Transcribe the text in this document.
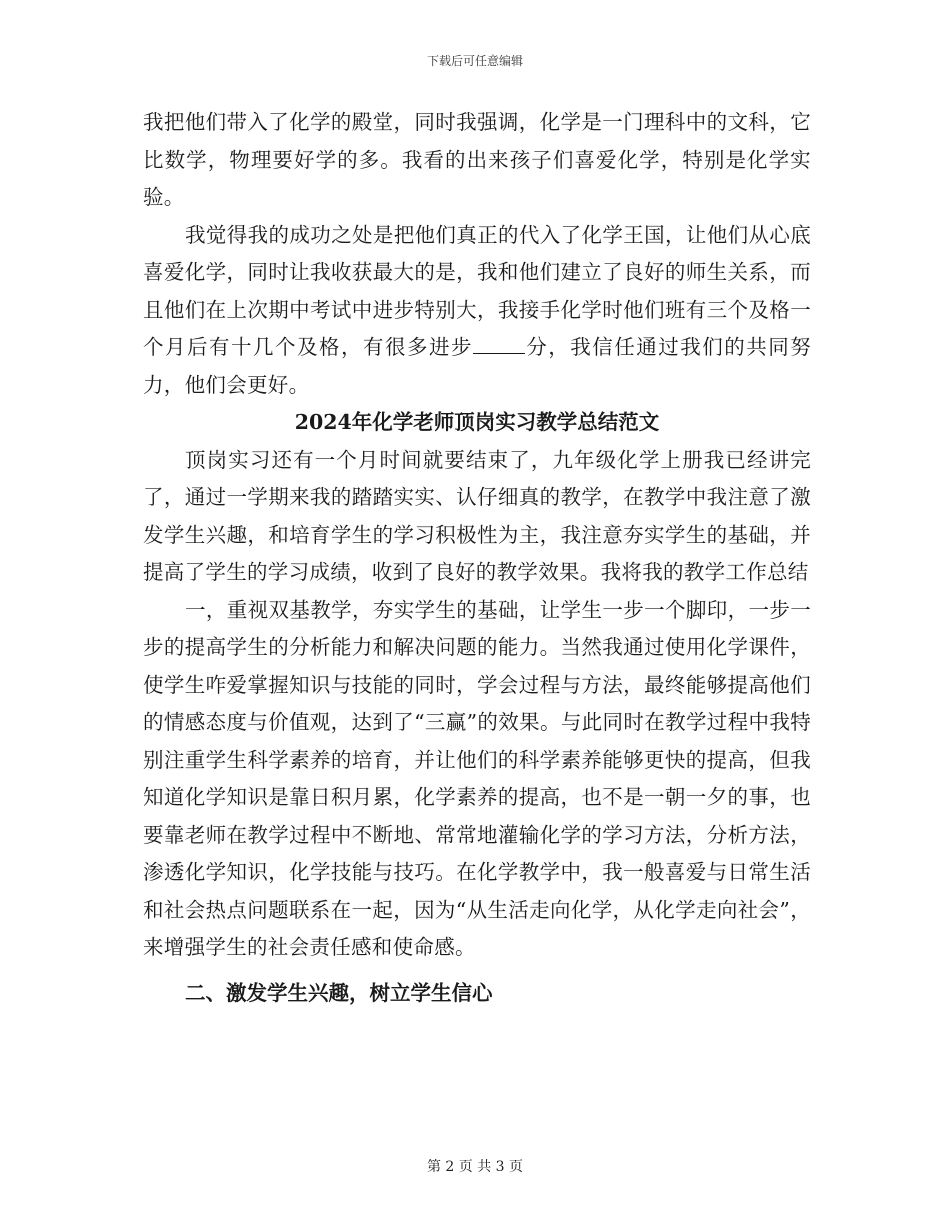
下载后可任意编辑

我把他们带入了化学的殿堂，同时我强调，化学是一门理科中的文科，它比数学，物理要好学的多。我看的出来孩子们喜爱化学，特别是化学实验。

我觉得我的成功之处是把他们真正的代入了化学王国，让他们从心底喜爱化学，同时让我收获最大的是，我和他们建立了良好的师生关系，而且他们在上次期中考试中进步特别大，我接手化学时他们班有三个及格一个月后有十几个及格，有很多进步	分，我信任通过我们的共同努力，他们会更好。

2024年化学老师顶岗实习教学总结范文

顶岗实习还有一个月时间就要结束了，九年级化学上册我已经讲完了，通过一学期来我的踏踏实实、认仔细真的教学，在教学中我注意了激发学生兴趣，和培育学生的学习积极性为主，我注意夯实学生的基础，并提高了学生的学习成绩，收到了良好的教学效果。我将我的教学工作总结

一，重视双基教学，夯实学生的基础，让学生一步一个脚印，一步一步的提高学生的分析能力和解决问题的能力。当然我通过使用化学课件，使学生咋爱掌握知识与技能的同时，学会过程与方法，最终能够提高他们的情感态度与价值观，达到了“三赢”的效果。与此同时在教学过程中我特别注重学生科学素养的培育，并让他们的科学素养能够更快的提高，但我知道化学知识是靠日积月累，化学素养的提高，也不是一朝一夕的事，也要靠老师在教学过程中不断地、常常地灌输化学的学习方法，分析方法，渗透化学知识，化学技能与技巧。在化学教学中，我一般喜爱与日常生活和社会热点问题联系在一起，因为“从生活走向化学，从化学走向社会”，来增强学生的社会责任感和使命感。

二、激发学生兴趣，树立学生信心

第 2 页 共 3 页
